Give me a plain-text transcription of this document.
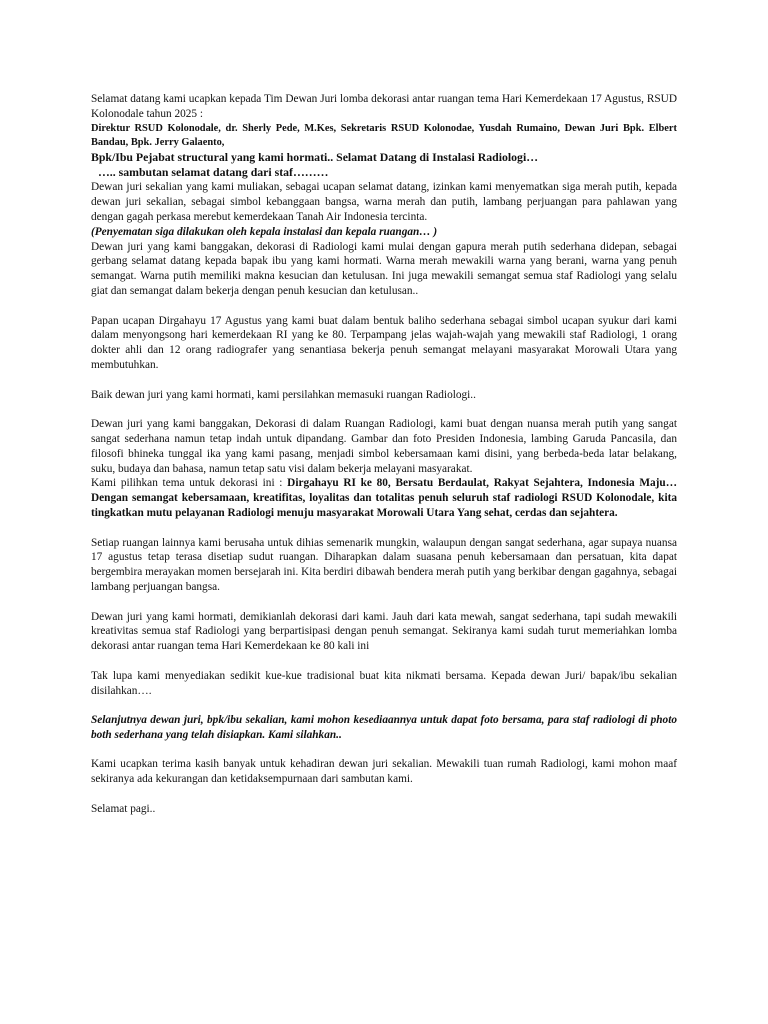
Selamat datang kami ucapkan kepada Tim Dewan Juri lomba dekorasi antar ruangan tema Hari Kemerdekaan 17 Agustus, RSUD Kolonodale tahun 2025 :

Direktur RSUD Kolonodale, dr. Sherly Pede, M.Kes, Sekretaris RSUD Kolonodae, Yusdah Rumaino, Dewan Juri Bpk. Elbert Bandau, Bpk. Jerry Galaento,

Bpk/Ibu Pejabat structural yang kami hormati.. Selamat Datang di Instalasi Radiologi…

….. sambutan selamat datang dari staf………

Dewan juri sekalian yang kami muliakan, sebagai ucapan selamat datang, izinkan kami menyematkan siga merah putih, kepada dewan juri sekalian, sebagai simbol kebanggaan bangsa, warna merah dan putih, lambang perjuangan para pahlawan yang dengan gagah perkasa merebut kemerdekaan Tanah Air Indonesia tercinta.

(Penyematan siga dilakukan oleh kepala instalasi dan kepala ruangan… )

Dewan juri yang kami banggakan, dekorasi di Radiologi kami mulai dengan gapura merah putih sederhana didepan, sebagai gerbang selamat datang kepada bapak ibu yang kami hormati. Warna merah mewakili warna yang berani, warna yang penuh semangat. Warna putih memiliki makna kesucian dan ketulusan. Ini juga mewakili semangat semua staf Radiologi yang selalu giat dan semangat dalam bekerja dengan penuh kesucian dan ketulusan..

Papan ucapan Dirgahayu 17 Agustus yang kami buat dalam bentuk baliho sederhana sebagai simbol ucapan syukur dari kami dalam menyongsong hari kemerdekaan RI yang ke 80. Terpampang jelas wajah-wajah yang mewakili staf Radiologi, 1 orang dokter ahli dan 12 orang radiografer yang senantiasa bekerja penuh semangat melayani masyarakat Morowali Utara yang membutuhkan.

Baik dewan juri yang kami hormati, kami persilahkan memasuki ruangan Radiologi..

Dewan juri yang kami banggakan, Dekorasi di dalam Ruangan Radiologi, kami buat dengan nuansa merah putih yang sangat sangat sederhana namun tetap indah untuk dipandang. Gambar dan foto Presiden Indonesia, lambing Garuda Pancasila, dan filosofi bhineka tunggal ika yang kami pasang, menjadi simbol kebersamaan kami disini, yang berbeda-beda latar belakang, suku, budaya dan bahasa, namun tetap satu visi dalam bekerja melayani masyarakat.

Kami pilihkan tema untuk dekorasi ini : Dirgahayu RI ke 80, Bersatu Berdaulat, Rakyat Sejahtera, Indonesia Maju… Dengan semangat kebersamaan, kreatifitas, loyalitas dan totalitas penuh seluruh staf radiologi RSUD Kolonodale, kita tingkatkan mutu pelayanan Radiologi menuju masyarakat Morowali Utara Yang sehat, cerdas dan sejahtera.

Setiap ruangan lainnya kami berusaha untuk dihias semenarik mungkin, walaupun dengan sangat sederhana, agar supaya nuansa 17 agustus tetap terasa disetiap sudut ruangan. Diharapkan dalam suasana penuh kebersamaan dan persatuan, kita dapat bergembira merayakan momen bersejarah ini. Kita berdiri dibawah bendera merah putih yang berkibar dengan gagahnya, sebagai lambang perjuangan bangsa.

Dewan juri yang kami hormati, demikianlah dekorasi dari kami. Jauh dari kata mewah, sangat sederhana, tapi sudah mewakili kreativitas semua staf Radiologi yang berpartisipasi dengan penuh semangat. Sekiranya kami sudah turut memeriahkan lomba dekorasi antar ruangan tema Hari Kemerdekaan ke 80 kali ini

Tak lupa kami menyediakan sedikit kue-kue tradisional buat kita nikmati bersama. Kepada dewan Juri/ bapak/ibu sekalian disilahkan….

Selanjutnya dewan juri, bpk/ibu sekalian, kami mohon kesediaannya untuk dapat foto bersama, para staf radiologi di photo both sederhana yang telah disiapkan. Kami silahkan..

Kami ucapkan terima kasih banyak untuk kehadiran dewan juri sekalian. Mewakili tuan rumah Radiologi, kami mohon maaf sekiranya ada kekurangan dan ketidaksempurnaan dari sambutan kami.

Selamat pagi..
